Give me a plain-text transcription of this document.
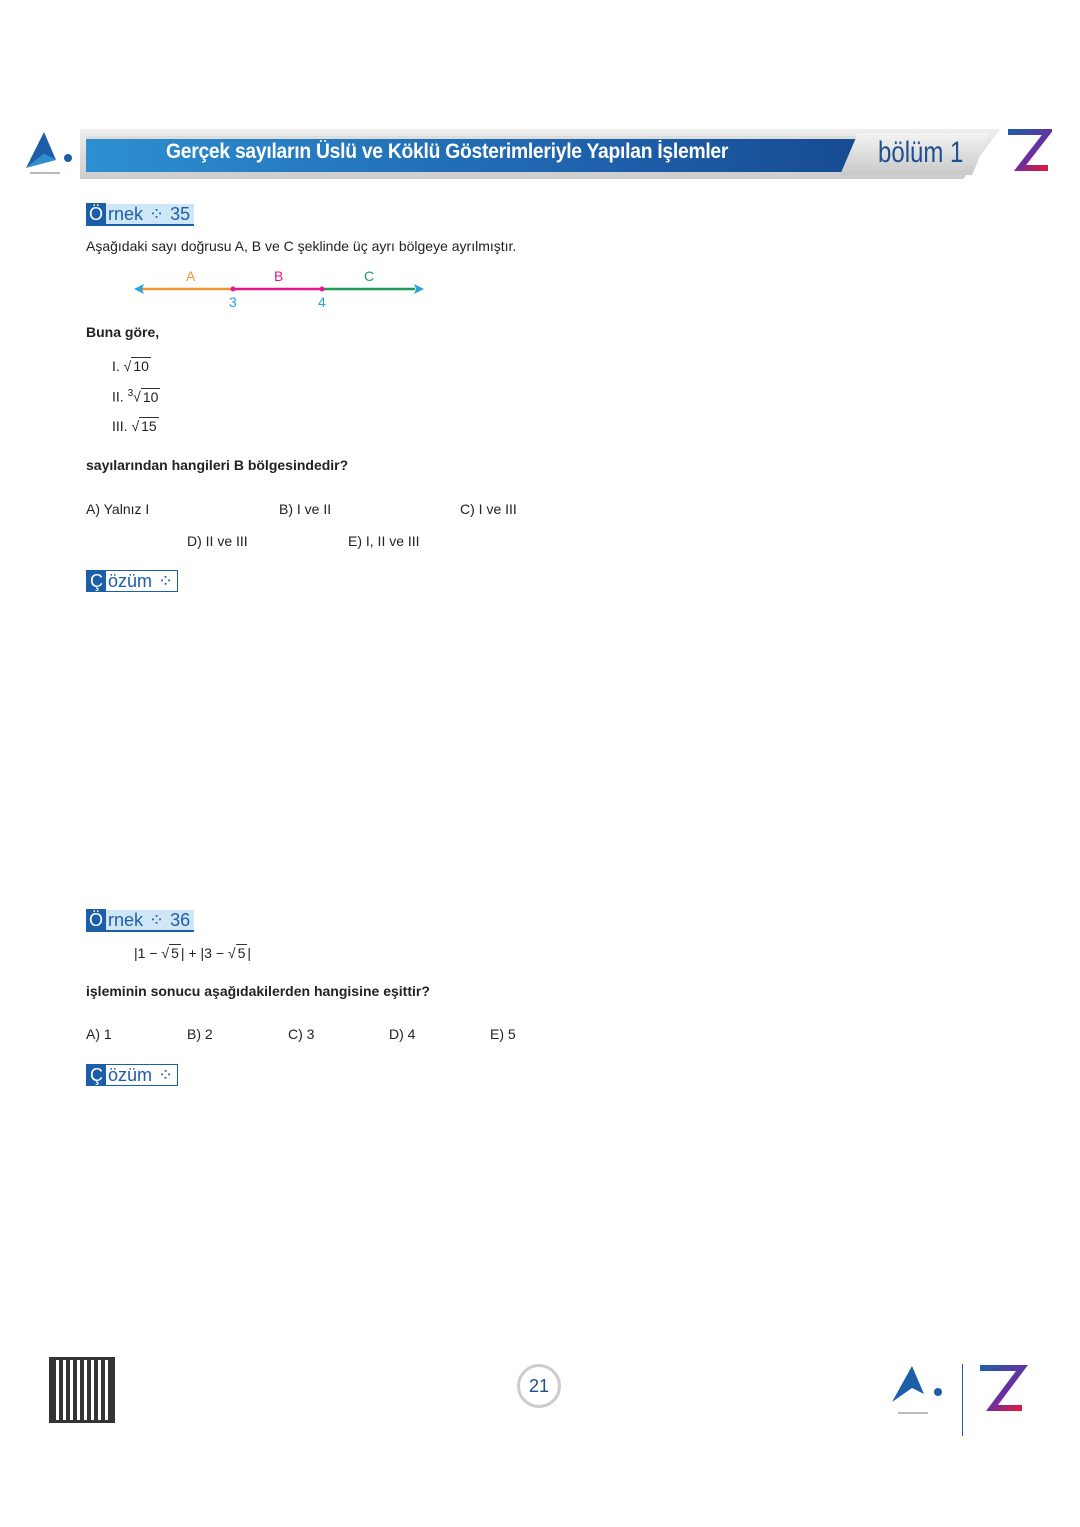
Gerçek sayıların Üslü ve Köklü Gösterimleriyle Yapılan İşlemler	bölüm 1
Ö rnek ⁘ 35
Aşağıdaki sayı doğrusu A, B ve C şeklinde üç ayrı bölgeye ayrılmıştır.
A	B	C
3	4
Buna göre,
I. √ 10
II. $^3$√ 10
III. √ 15
sayılarından hangileri B bölgesindedir?
A) Yalnız I	B) I ve II	C) I ve III
D) II ve III	E) I, II ve III
Ç özüm ⁘
Ö rnek ⁘ 36
|1 − √ 5 | + |3 − √ 5 |
işleminin sonucu aşağıdakilerden hangisine eşittir?
A) 1	B) 2	C) 3	D) 4	E) 5
Ç özüm ⁘
21
